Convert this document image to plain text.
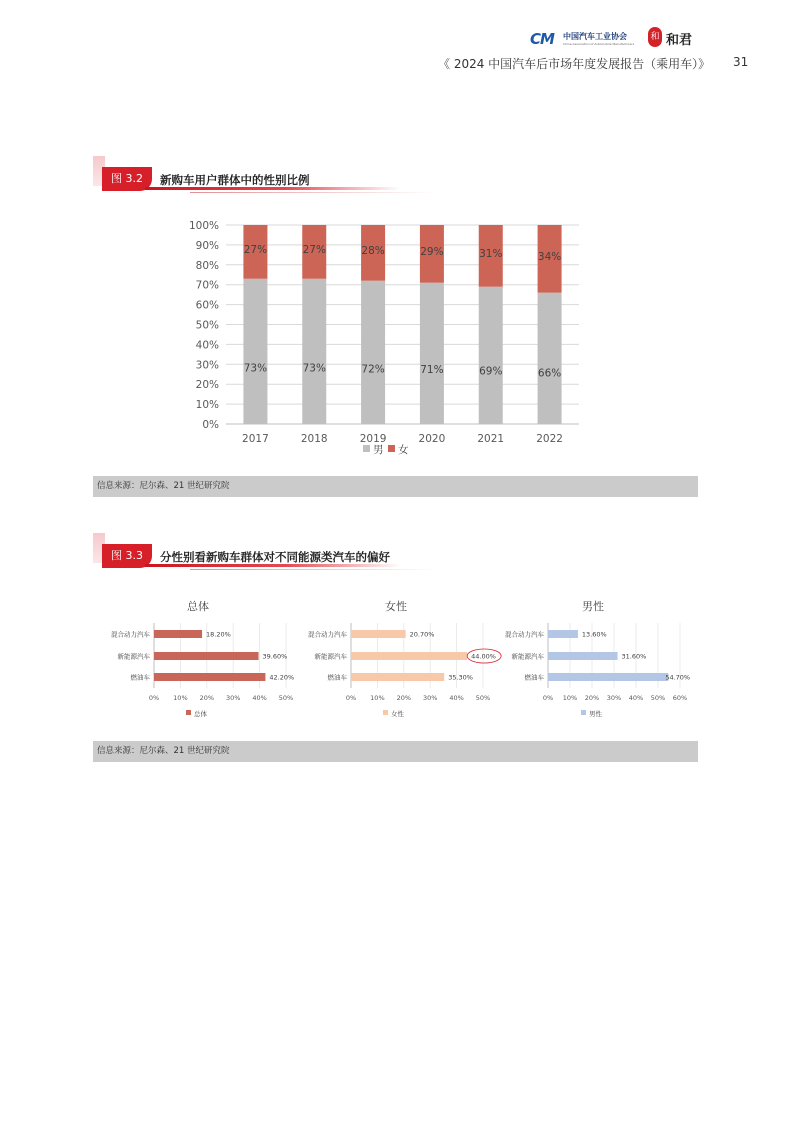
CM 中国汽车工业协会
China Association of Automobile Manufacturers
和 和君
《 2024 中国汽车后市场年度发展报告（乘用车）》 31
图 3.2	新购车用户群体中的性别比例
0%
10%
20%
30%
40%
50%
60%
70%
80%
90%
100%
73%
27%
2017
73%
27%
2018
72%
28%
2019
71%
29%
2020
69%
31%
2021
66%
34%
2022
男 女
信息来源：尼尔森、21 世纪研究院
图 3.3	分性别看新购车群体对不同能源类汽车的偏好
总体
0% 10% 20% 30% 40% 50%
混合动力汽车	18.20%
新能源汽车	39.60%
燃油车	42.20%
总体
女性
0% 10% 20% 30% 40% 50%
混合动力汽车	20.70%
新能源汽车	44.00%
燃油车	35.30%
女性
男性
0% 10% 20% 30% 40% 50% 60%
混合动力汽车	13.60%
新能源汽车	31.60%
燃油车	54.70%
男性
信息来源：尼尔森、21 世纪研究院
